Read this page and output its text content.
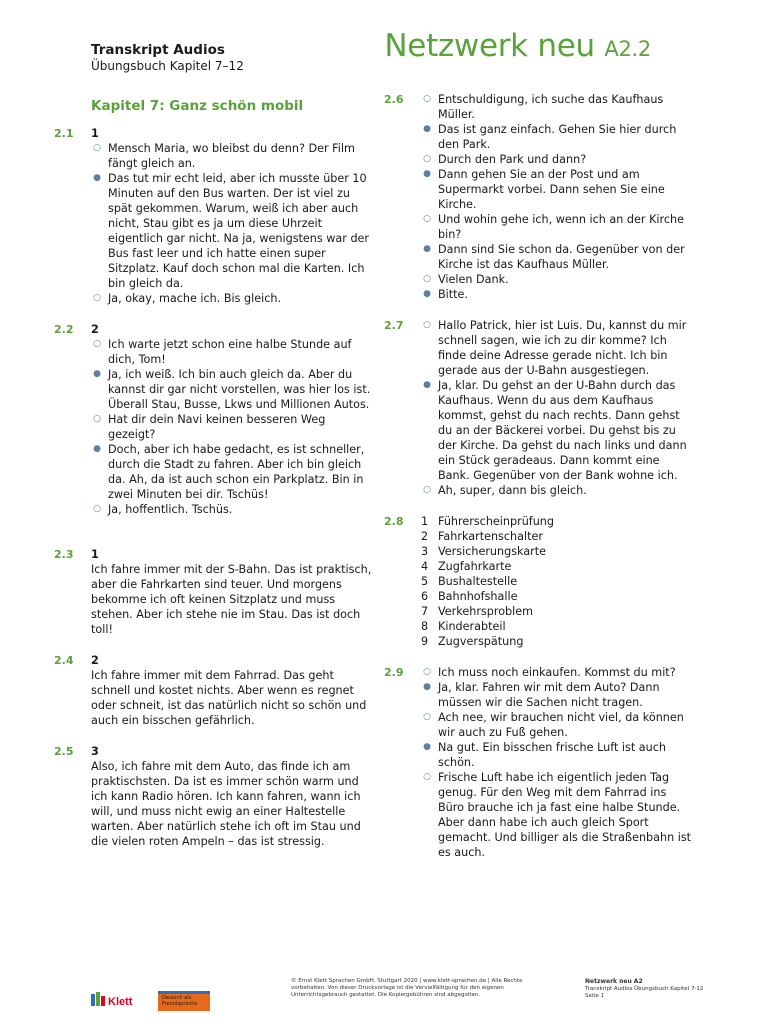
Transkript Audios
Übungsbuch Kapitel 7–12
Netzwerk neu A2.2
Kapitel 7: Ganz schön mobil
2.1 1
○ Mensch Maria, wo bleibst du denn? Der Film fängt gleich an.
● Das tut mir echt leid, aber ich musste über 10 Minuten auf den Bus warten. Der ist viel zu spät gekommen. Warum, weiß ich aber auch nicht, Stau gibt es ja um diese Uhrzeit eigentlich gar nicht. Na ja, wenigstens war der Bus fast leer und ich hatte einen super Sitzplatz. Kauf doch schon mal die Karten. Ich bin gleich da.
○ Ja, okay, mache ich. Bis gleich.
2.2 2
○ Ich warte jetzt schon eine halbe Stunde auf dich, Tom!
● Ja, ich weiß. Ich bin auch gleich da. Aber du kannst dir gar nicht vorstellen, was hier los ist. Überall Stau, Busse, Lkws und Millionen Autos.
○ Hat dir dein Navi keinen besseren Weg gezeigt?
● Doch, aber ich habe gedacht, es ist schneller, durch die Stadt zu fahren. Aber ich bin gleich da. Ah, da ist auch schon ein Parkplatz. Bin in zwei Minuten bei dir. Tschüs!
○ Ja, hoffentlich. Tschüs.
2.3 1
Ich fahre immer mit der S-Bahn. Das ist praktisch, aber die Fahrkarten sind teuer. Und morgens bekomme ich oft keinen Sitzplatz und muss stehen. Aber ich stehe nie im Stau. Das ist doch toll!
2.4 2
Ich fahre immer mit dem Fahrrad. Das geht schnell und kostet nichts. Aber wenn es regnet oder schneit, ist das natürlich nicht so schön und auch ein bisschen gefährlich.
2.5 3
Also, ich fahre mit dem Auto, das finde ich am praktischsten. Da ist es immer schön warm und ich kann Radio hören. Ich kann fahren, wann ich will, und muss nicht ewig an einer Haltestelle warten. Aber natürlich stehe ich oft im Stau und die vielen roten Ampeln – das ist stressig.
2.6 ○ Entschuldigung, ich suche das Kaufhaus Müller.
● Das ist ganz einfach. Gehen Sie hier durch den Park.
○ Durch den Park und dann?
● Dann gehen Sie an der Post und am Supermarkt vorbei. Dann sehen Sie eine Kirche.
○ Und wohin gehe ich, wenn ich an der Kirche bin?
● Dann sind Sie schon da. Gegenüber von der Kirche ist das Kaufhaus Müller.
○ Vielen Dank.
● Bitte.
2.7 ○ Hallo Patrick, hier ist Luis. Du, kannst du mir schnell sagen, wie ich zu dir komme? Ich finde deine Adresse gerade nicht. Ich bin gerade aus der U-Bahn ausgestiegen.
● Ja, klar. Du gehst an der U-Bahn durch das Kaufhaus. Wenn du aus dem Kaufhaus kommst, gehst du nach rechts. Dann gehst du an der Bäckerei vorbei. Du gehst bis zu der Kirche. Da gehst du nach links und dann ein Stück geradeaus. Dann kommt eine Bank. Gegenüber von der Bank wohne ich.
○ Ah, super, dann bis gleich.
2.8 1 Führerscheinprüfung
2 Fahrkartenschalter
3 Versicherungskarte
4 Zugfahrkarte
5 Bushaltestelle
6 Bahnhofshalle
7 Verkehrsproblem
8 Kinderabteil
9 Zugverspätung
2.9 ○ Ich muss noch einkaufen. Kommst du mit?
● Ja, klar. Fahren wir mit dem Auto? Dann müssen wir die Sachen nicht tragen.
○ Ach nee, wir brauchen nicht viel, da können wir auch zu Fuß gehen.
● Na gut. Ein bisschen frische Luft ist auch schön.
○ Frische Luft habe ich eigentlich jeden Tag genug. Für den Weg mit dem Fahrrad ins Büro brauche ich ja fast eine halbe Stunde. Aber dann habe ich auch gleich Sport gemacht. Und billiger als die Straßenbahn ist es auch.
Klett	Deutsch als Fremdsprache
© Ernst Klett Sprachen GmbH, Stuttgart 2020 | www.klett-sprachen.de | Alle Rechte vorbehalten. Von dieser Druckvorlage ist die Vervielfältigung für den eigenen Unterrichtsgebrauch gestattet. Die Kopiergebühren sind abgegolten.
Netzwerk neu A2
Transkript Audios Übungsbuch Kapitel 7-12
Seite 1
